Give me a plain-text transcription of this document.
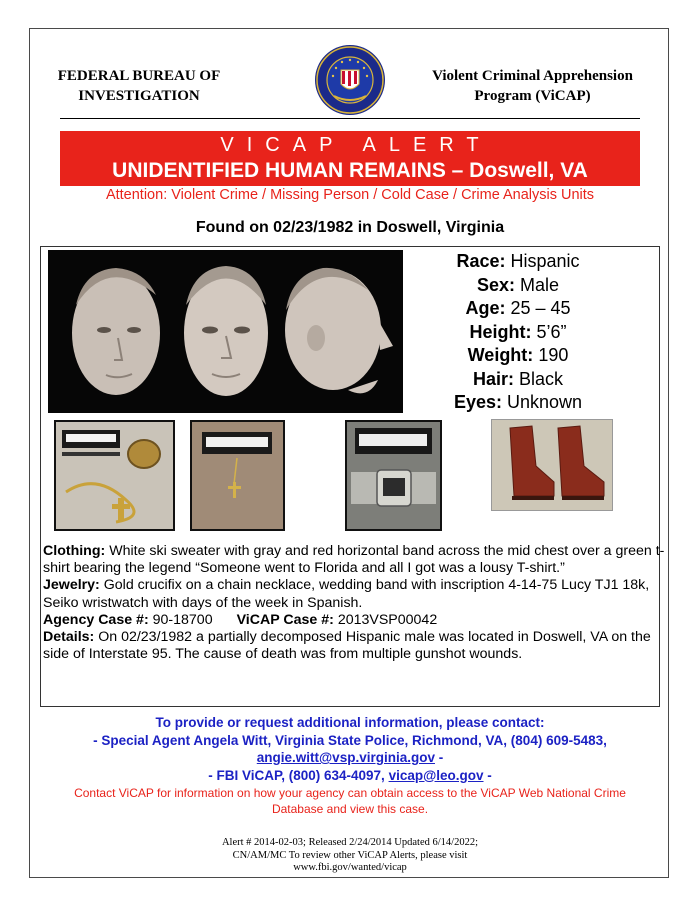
FEDERAL BUREAU OF
INVESTIGATION
Violent Criminal Apprehension
Program (ViCAP)
VICAP ALERT
UNIDENTIFIED HUMAN REMAINS – Doswell, VA
Attention: Violent Crime / Missing Person / Cold Case / Crime Analysis Units
Found on 02/23/1982 in Doswell, Virginia
Race: Hispanic
Sex: Male
Age: 25 – 45
Height: 5’6”
Weight: 190
Hair: Black
Eyes: Unknown

Clothing: White ski sweater with gray and red horizontal band across the mid chest over a green t-shirt bearing the legend “Someone went to Florida and all I got was a lousy T-shirt.”

Jewelry: Gold crucifix on a chain necklace, wedding band with inscription 4-14-75 Lucy TJ1 18k, Seiko wristwatch with days of the week in Spanish.

Agency Case #: 90-18700 ViCAP Case #: 2013VSP00042

Details: On 02/23/1982 a partially decomposed Hispanic male was located in Doswell, VA on the side of Interstate 95. The cause of death was from multiple gunshot wounds.

To provide or request additional information, please contact:
- Special Agent Angela Witt, Virginia State Police, Richmond, VA, (804) 609-5483,
angie.witt@vsp.virginia.gov -
- FBI ViCAP, (800) 634-4097, vicap@leo.gov -
Contact ViCAP for information on how your agency can obtain access to the ViCAP Web National Crime Database and view this case.
Alert # 2014-02-03; Released 2/24/2014 Updated 6/14/2022;
CN/AM/MC To review other ViCAP Alerts, please visit
www.fbi.gov/wanted/vicap
